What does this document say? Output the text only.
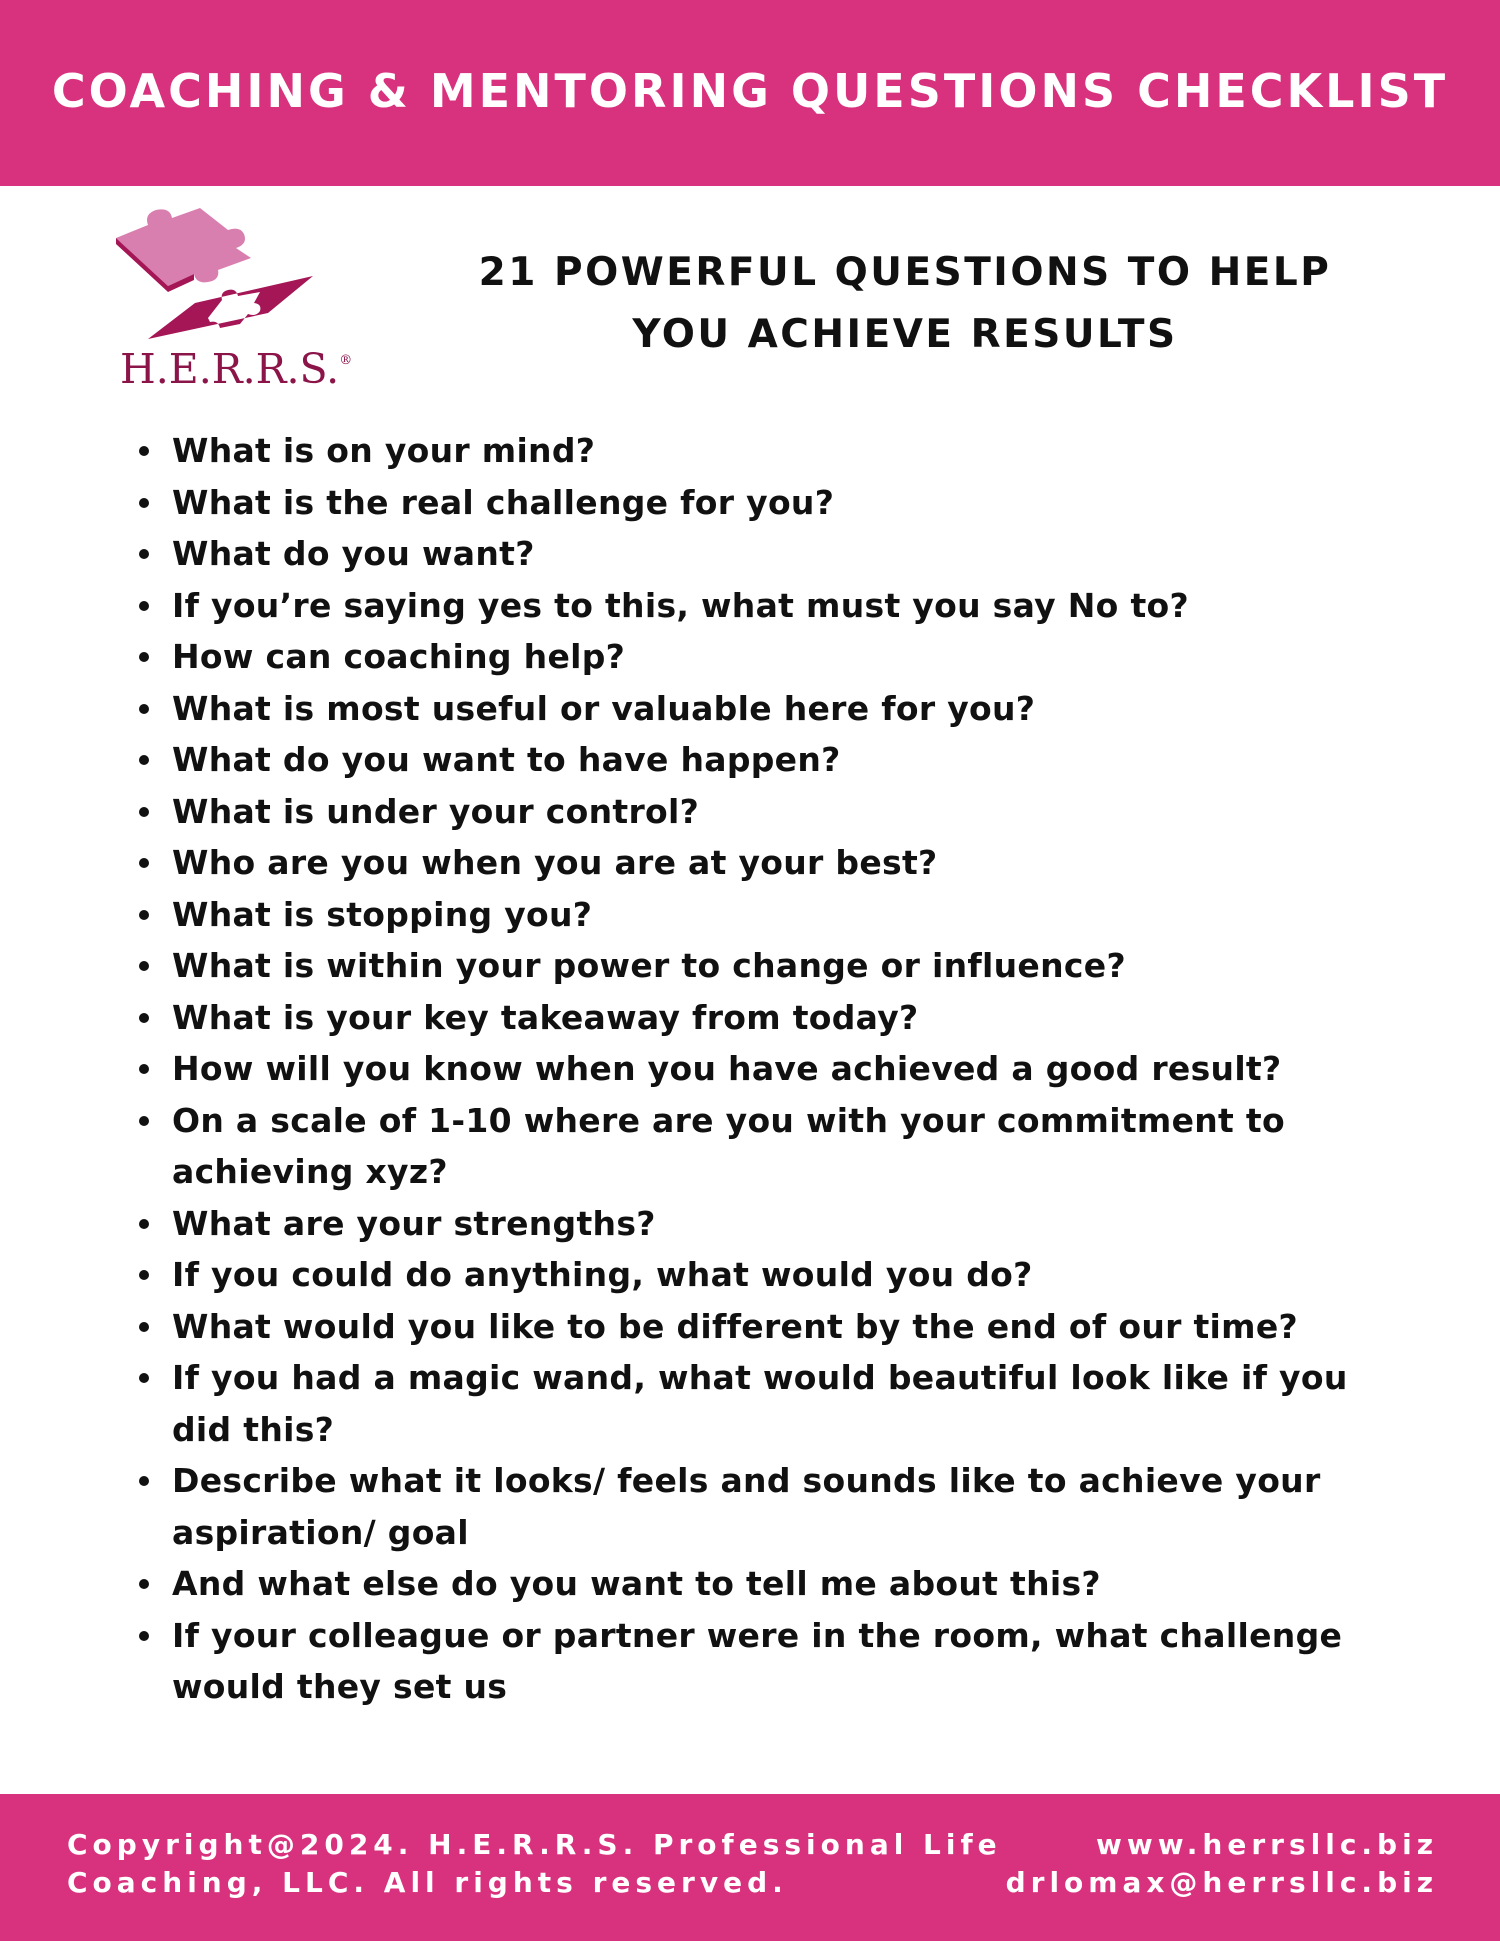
COACHING & MENTORING QUESTIONS CHECKLIST
H.E.R.R.S.®
21 POWERFUL QUESTIONS TO HELP
YOU ACHIEVE RESULTS
What is on your mind?
What is the real challenge for you?
What do you want?
If you’re saying yes to this, what must you say No to?
How can coaching help?
What is most useful or valuable here for you?
What do you want to have happen?
What is under your control?
Who are you when you are at your best?
What is stopping you?
What is within your power to change or influence?
What is your key takeaway from today?
How will you know when you have achieved a good result?
On a scale of 1-10 where are you with your commitment to achieving xyz?
What are your strengths?
If you could do anything, what would you do?
What would you like to be different by the end of our time?
If you had a magic wand, what would beautiful look like if you did this?
Describe what it looks/ feels and sounds like to achieve your aspiration/ goal
And what else do you want to tell me about this?
If your colleague or partner were in the room, what challenge would they set us
Copyright@2024. H.E.R.R.S. Professional Life
Coaching, LLC. All rights reserved.
www.herrsllc.biz
drlomax@herrsllc.biz
